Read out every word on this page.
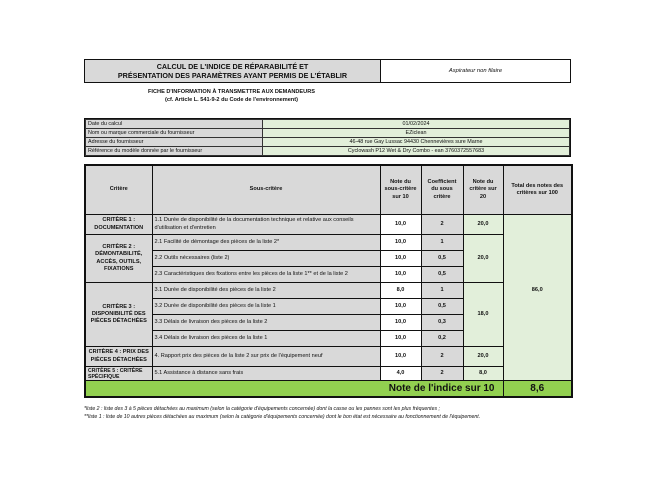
CALCUL DE L'INDICE DE RÉPARABILITÉ ET
PRÉSENTATION DES PARAMÈTRES AYANT PERMIS DE L'ÉTABLIR	Aspirateur non filaire
FICHE D'INFORMATION À TRANSMETTRE AUX DEMANDEURS
(cf. Article L. 541-9-2 du Code de l'environnement)
Date du calcul	01/02/2024
Nom ou marque commerciale du fournisseur	EZiclean
Adresse du fournisseur	46-48 rue Gay Lussac 94430 Chennevières sure Marne
Référence du modèle donnée par le fournisseur	Cyclowash P12 Wet & Dry Combo - ean 3760372557683
Critère	Sous-critère	Note du sous-critère sur 10	Coefficient du sous critère	Note du critère sur 20	Total des notes des critères sur 100
CRITÈRE 1 : DOCUMENTATION	1.1 Durée de disponibilité de la documentation technique et relative aux conseils d'utilisation et d'entretien	10,0	2	20,0	86,0
CRITÈRE 2 : DÉMONTABILITÉ, ACCÈS, OUTILS, FIXATIONS	2.1 Facilité de démontage des pièces de la liste 2*	10,0	1	20,0	
	2.2 Outils nécessaires (liste 2)	10,0	0,5		
	2.3 Caractéristiques des fixations entre les pièces de la liste 1** et de la liste 2	10,0	0,5		
CRITÈRE 3 : DISPONIBILITÉ DES PIÈCES DÉTACHÉES	3.1 Durée de disponibilité des pièces de la liste 2	8,0	1	18,0	
	3.2 Durée de disponibilité des pièces de la liste 1	10,0	0,5		
	3.3 Délais de livraison des pièces de la liste 2	10,0	0,3		
	3.4 Délais de livraison des pièces de la liste 1	10,0	0,2		
CRITÈRE 4 : PRIX DES PIÈCES DÉTACHÉES	4. Rapport prix des pièces de la liste 2 sur prix de l'équipement neuf	10,0	2	20,0	
CRITÈRE 5 : CRITÈRE SPÉCIFIQUE	5.1 Assistance à distance sans frais	4,0	2	8,0	
Note de l'indice sur 10					8,6
*liste 2 : liste des 3 à 5 pièces détachées au maximum (selon la catégorie d'équipements concernée) dont la casse ou les pannes sont les plus fréquentes ;
**liste 1 : liste de 10 autres pièces détachées au maximum (selon la catégorie d'équipements concernée) dont le bon état est nécessaire au fonctionnement de l'équipement.
